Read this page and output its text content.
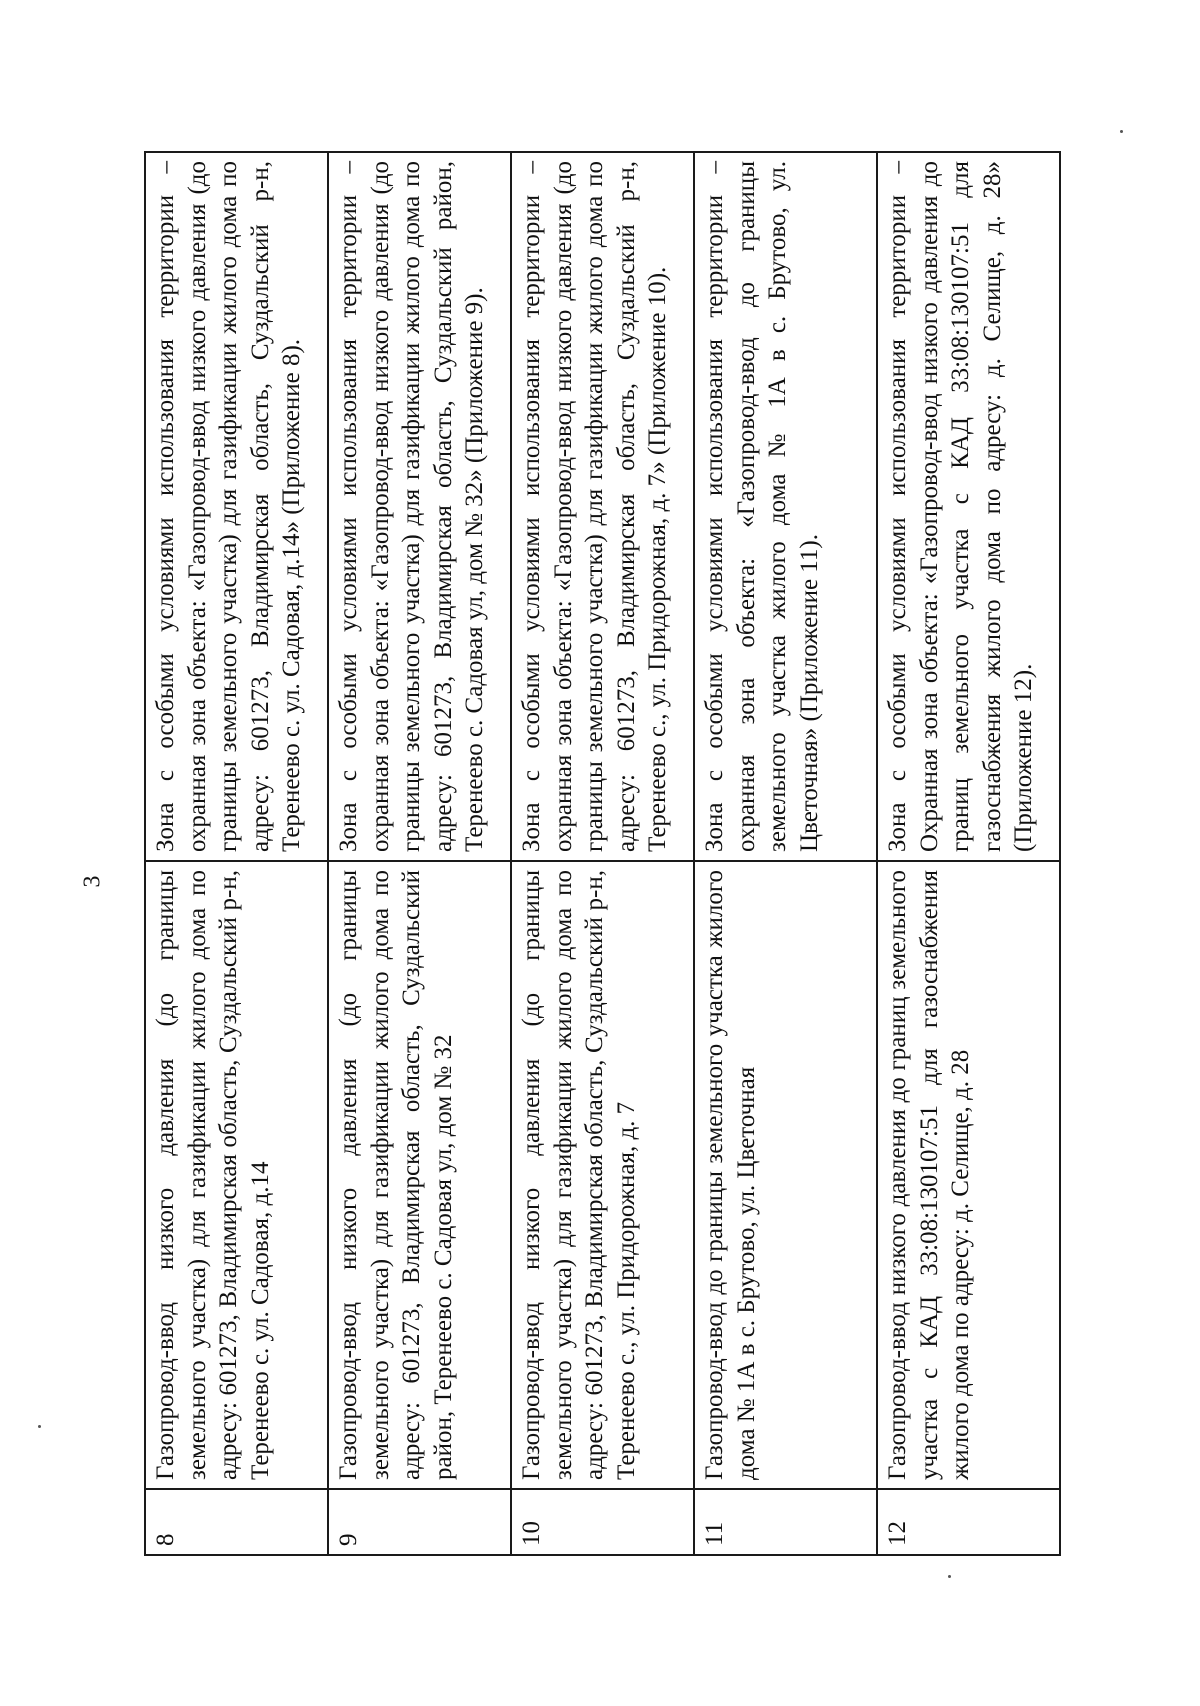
3
8	Газопровод-ввод низкого давления (до границы земельного участка) для газификации жилого дома по адресу: 601273, Владимирская область, Суздальский р-н, Теренеево с. ул. Садовая, д.14	Зона с особыми условиями использования территории – охранная зона объекта: «Газопровод-ввод низкого давления (до границы земельного участка) для газификации жилого дома по адресу: 601273, Владимирская область, Суздальский р-н, Теренеево с. ул. Садовая, д.14» (Приложение 8).
9	Газопровод-ввод низкого давления (до границы земельного участка) для газификации жилого дома по адресу: 601273, Владимирская область, Суздальский район, Теренеево с. Садовая ул, дом № 32	Зона с особыми условиями использования территории – охранная зона объекта: «Газопровод-ввод низкого давления (до границы земельного участка) для газификации жилого дома по адресу: 601273, Владимирская область, Суздальский район, Теренеево с. Садовая ул, дом № 32» (Приложение 9).
10	Газопровод-ввод низкого давления (до границы земельного участка) для газификации жилого дома по адресу: 601273, Владимирская область, Суздальский р-н, Теренеево с., ул. Придорожная, д. 7	Зона с особыми условиями использования территории – охранная зона объекта: «Газопровод-ввод низкого давления (до границы земельного участка) для газификации жилого дома по адресу: 601273, Владимирская область, Суздальский р-н, Теренеево с., ул. Придорожная, д. 7» (Приложение 10).
11	Газопровод-ввод до границы земельного участка жилого дома № 1А в с. Брутово, ул. Цветочная	Зона с особыми условиями использования территории – охранная зона объекта: «Газопровод-ввод до границы земельного участка жилого дома № 1А в с. Брутово, ул. Цветочная» (Приложение 11).
12	Газопровод-ввод низкого давления до границ земельного участка с КАД 33:08:130107:51 для газоснабжения жилого дома по адресу: д. Селище, д. 28	Зона с особыми условиями использования территории – Охранная зона объекта: «Газопровод-ввод низкого давления до границ земельного участка с КАД 33:08:130107:51 для газоснабжения жилого дома по адресу: д. Селище, д. 28» (Приложение 12).
